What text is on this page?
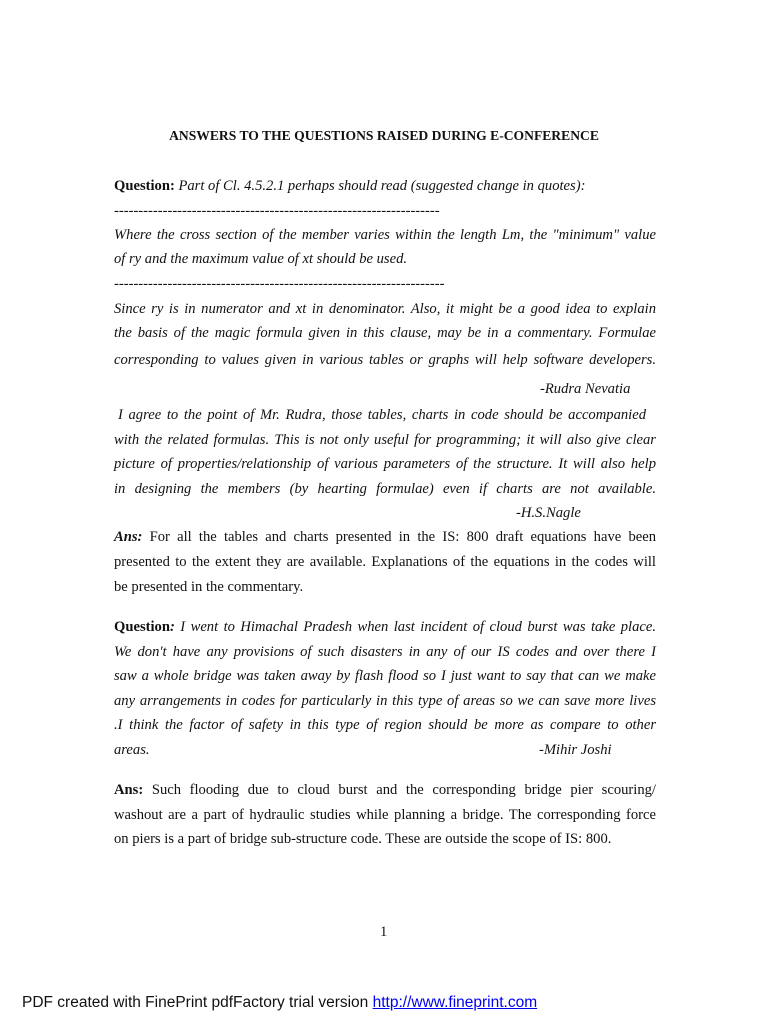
ANSWERS TO THE QUESTIONS RAISED DURING E-CONFERENCE
Question: Part of Cl. 4.5.2.1 perhaps should read (suggested change in quotes):
-------------------------------------------------------------------
Where the cross section of the member varies within the length Lm, the "minimum" value
of ry and the maximum value of xt should be used.
--------------------------------------------------------------------
Since ry is in numerator and xt in denominator. Also, it might be a good idea to explain
the basis of the magic formula given in this clause, may be in a commentary. Formulae
corresponding to values given in various tables or graphs will help software developers.
-Rudra Nevatia
I agree to the point of Mr. Rudra, those tables, charts in code should be accompanied
with the related formulas. This is not only useful for programming; it will also give clear
picture of properties/relationship of various parameters of the structure. It will also help
in designing the members (by hearting formulae) even if charts are not available.
-H.S.Nagle
Ans: For all the tables and charts presented in the IS: 800 draft equations have been
presented to the extent they are available. Explanations of the equations in the codes will
be presented in the commentary.
Question: I went to Himachal Pradesh when last incident of cloud burst was take place.
We don't have any provisions of such disasters in any of our IS codes and over there I
saw a whole bridge was taken away by flash flood so I just want to say that can we make
any arrangements in codes for particularly in this type of areas so we can save more lives
.I think the factor of safety in this type of region should be more as compare to other
areas.	-Mihir Joshi
Ans: Such flooding due to cloud burst and the corresponding bridge pier scouring/
washout are a part of hydraulic studies while planning a bridge. The corresponding force
on piers is a part of bridge sub-structure code. These are outside the scope of IS: 800.
1
PDF created with FinePrint pdfFactory trial version http://www.fineprint.com
